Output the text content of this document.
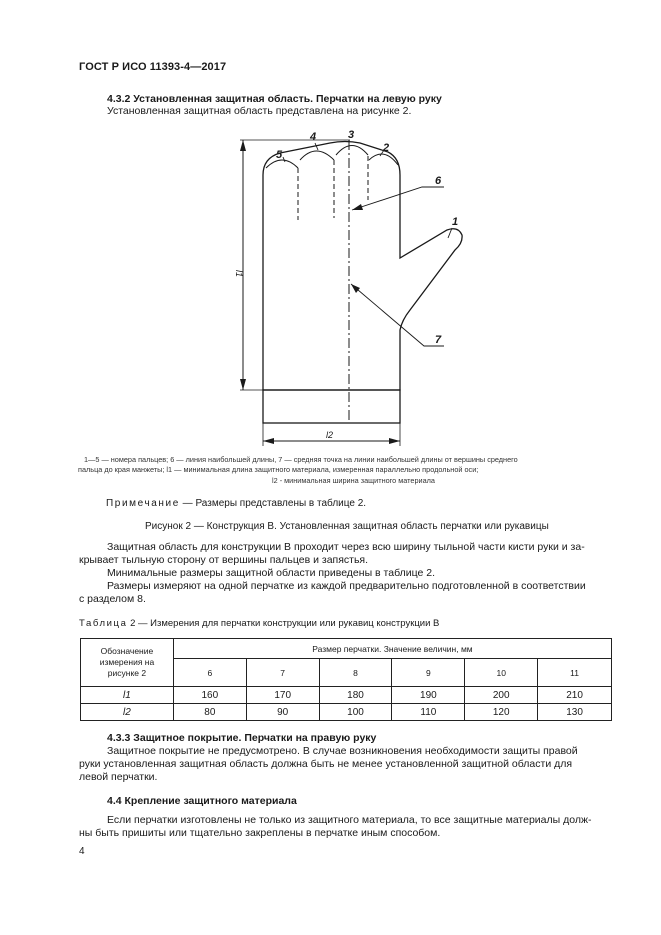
ГОСТ Р ИСО 11393-4—2017
4.3.2 Установленная защитная область. Перчатки на левую руку
Установленная защитная область представлена на рисунке 2.
3
4
5
2
6
1
7
l1
l2
1—5 — номера пальцев; 6 — линия наибольшей длины, 7 — средняя точка на линии наибольшей длины от вершины среднего
пальца до края манжеты; l1 — минимальная длина защитного материала, измеренная параллельно продольной оси;
l2 - минимальная ширина защитного материала
Примечание — Размеры представлены в таблице 2.
Рисунок 2 — Конструкция В. Установленная защитная область перчатки или рукавицы
Защитная область для конструкции В проходит через всю ширину тыльной части кисти руки и за-
крывает тыльную сторону от вершины пальцев и запястья.
Минимальные размеры защитной области приведены в таблице 2.
Размеры измеряют на одной перчатке из каждой предварительно подготовленной в соответствии
с разделом 8.
Таблица 2 — Измерения для перчатки конструкции или рукавиц конструкции В
Обозначение измерения на рисунке 2	Размер перчатки. Значение величин, мм					
	6	7	8	9	10	11
l1	160	170	180	190	200	210
l2	80	90	100	110	120	130
4.3.3 Защитное покрытие. Перчатки на правую руку
Защитное покрытие не предусмотрено. В случае возникновения необходимости защиты правой
руки установленная защитная область должна быть не менее установленной защитной области для
левой перчатки.
4.4 Крепление защитного материала
Если перчатки изготовлены не только из защитного материала, то все защитные материалы долж-
ны быть пришиты или тщательно закреплены в перчатке иным способом.
4
